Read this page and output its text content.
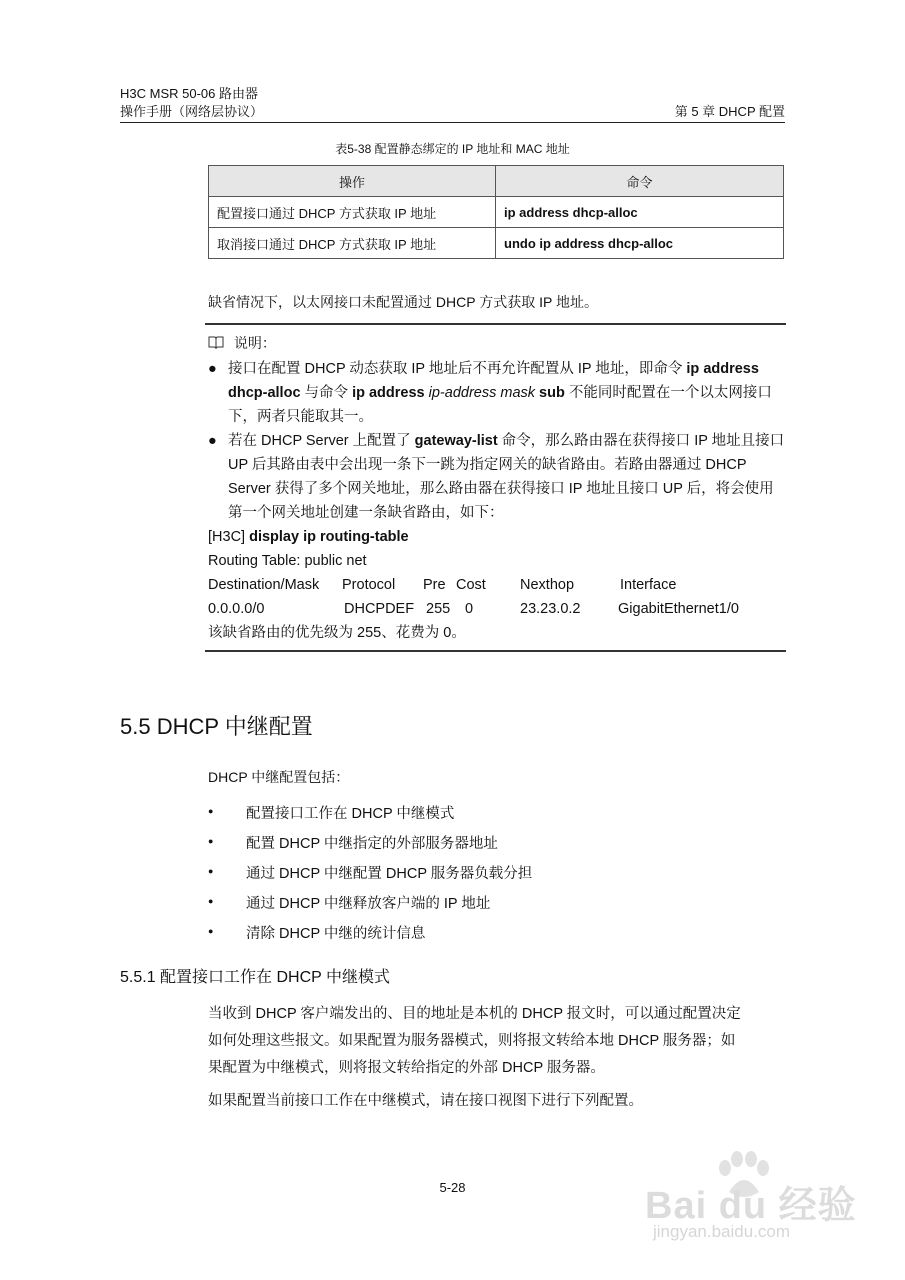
H3C MSR 50-06 路由器
操作手册（网络层协议）	第 5 章 DHCP 配置
表5-38 配置静态绑定的 IP 地址和 MAC 地址
操作	命令
配置接口通过 DHCP 方式获取 IP 地址	ip address dhcp-alloc
取消接口通过 DHCP 方式获取 IP 地址	undo ip address dhcp-alloc
缺省情况下，以太网接口未配置通过 DHCP 方式获取 IP 地址。
说明：
● 接口在配置 DHCP 动态获取 IP 地址后不再允许配置从 IP 地址，即命令 ip address dhcp-alloc 与命令 ip address ip-address mask sub 不能同时配置在一个以太网接口下，两者只能取其一。
● 若在 DHCP Server 上配置了 gateway-list 命令，那么路由器在获得接口 IP 地址且接口 UP 后其路由表中会出现一条下一跳为指定网关的缺省路由。若路由器通过 DHCP Server 获得了多个网关地址，那么路由器在获得接口 IP 地址且接口 UP 后，将会使用第一个网关地址创建一条缺省路由，如下：
[H3C] display ip routing-table
Routing Table: public net
Destination/Mask Protocol Pre Cost Nexthop	Interface
0.0.0.0/0	DHCPDEF 255 0	23.23.0.2	GigabitEthernet1/0
该缺省路由的优先级为 255、花费为 0。
5.5 DHCP 中继配置
DHCP 中继配置包括：
● 配置接口工作在 DHCP 中继模式
● 配置 DHCP 中继指定的外部服务器地址
● 通过 DHCP 中继配置 DHCP 服务器负载分担
● 通过 DHCP 中继释放客户端的 IP 地址
● 清除 DHCP 中继的统计信息
5.5.1 配置接口工作在 DHCP 中继模式
当收到 DHCP 客户端发出的、目的地址是本机的 DHCP 报文时，可以通过配置决定
如何处理这些报文。如果配置为服务器模式，则将报文转给本地 DHCP 服务器；如
果配置为中继模式，则将报文转给指定的外部 DHCP 服务器。
如果配置当前接口工作在中继模式，请在接口视图下进行下列配置。
5-28	Bai du 经验
jingyan.baidu.com
